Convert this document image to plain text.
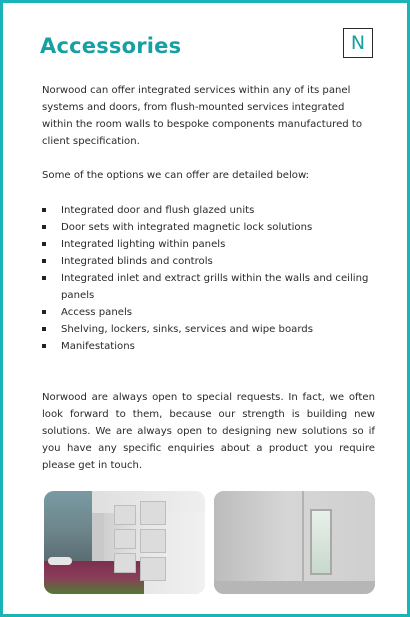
Accessories	N
Norwood can offer integrated services within any of its panel systems and doors, from flush-mounted services integrated within the room walls to bespoke components manufactured to client specification.
Some of the options we can offer are detailed below:
Integrated door and flush glazed units
Door sets with integrated magnetic lock solutions
Integrated lighting within panels
Integrated blinds and controls
Integrated inlet and extract grills within the walls and ceiling panels
Access panels
Shelving, lockers, sinks, services and wipe boards
Manifestations
Norwood are always open to special requests. In fact, we often look forward to them, because our strength is building new solutions. We are always open to designing new solutions so if you have any specific enquiries about a product you require please get in touch.
